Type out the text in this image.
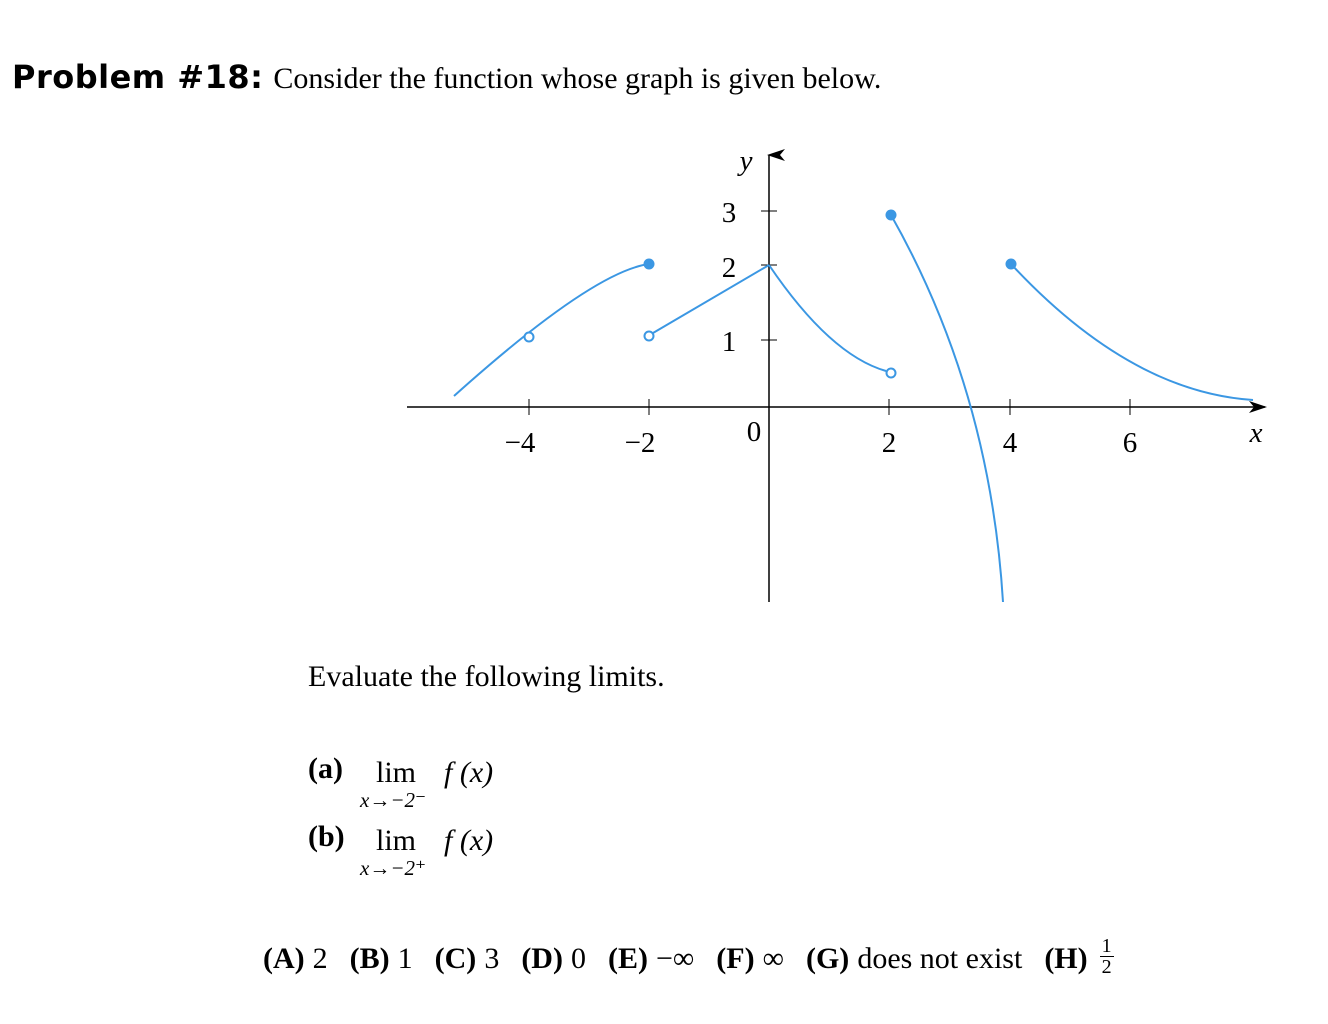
Problem #18: Consider the function whose graph is given below.
−4	−2	0	2	4	6
1
2
3
x
y
Evaluate the following limits.
(a) lim
x→−2⁻
f (x)
(b) lim
x→−2⁺
f (x)
(A) 2 (B) 1 (C) 3 (D) 0 (E) −∞ (F) ∞ (G) does not exist $(H) \frac{1}{2}$
